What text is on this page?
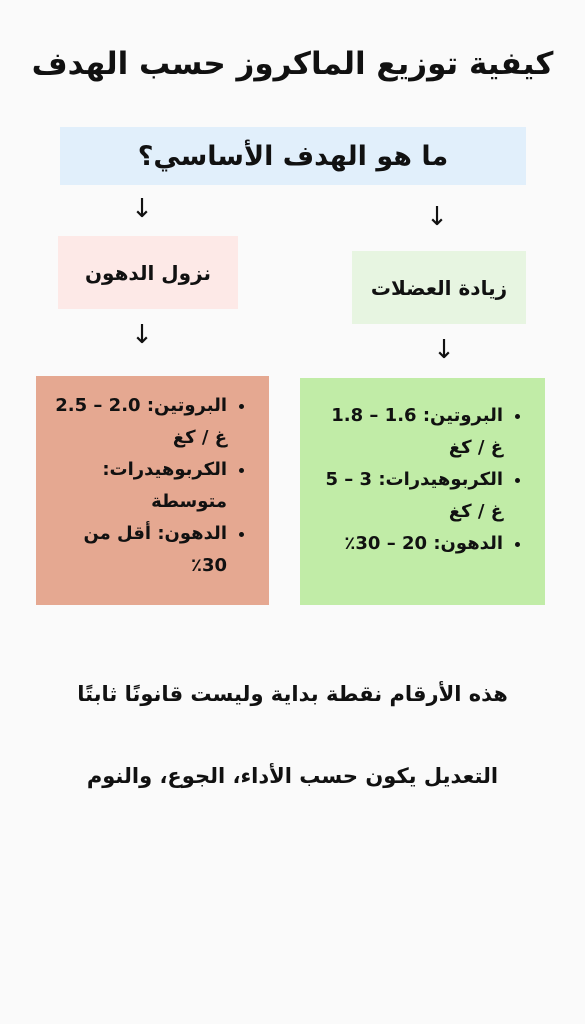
كيفية توزيع الماكروز حسب الهدف
ما هو الهدف الأساسي؟
↓	↓
نزول الدهون
زيادة العضلات
↓	↓
• البروتين: 2.0 – 2.5 غ / كغ
• الكربوهيدرات: متوسطة
• الدهون: أقل من 30٪
• البروتين: 1.6 – 1.8 غ / كغ
• الكربوهيدرات: 3 – 5 غ / كغ
• الدهون: 20 – 30٪
هذه الأرقام نقطة بداية وليست قانونًا ثابتًا
التعديل يكون حسب الأداء، الجوع، والنوم
